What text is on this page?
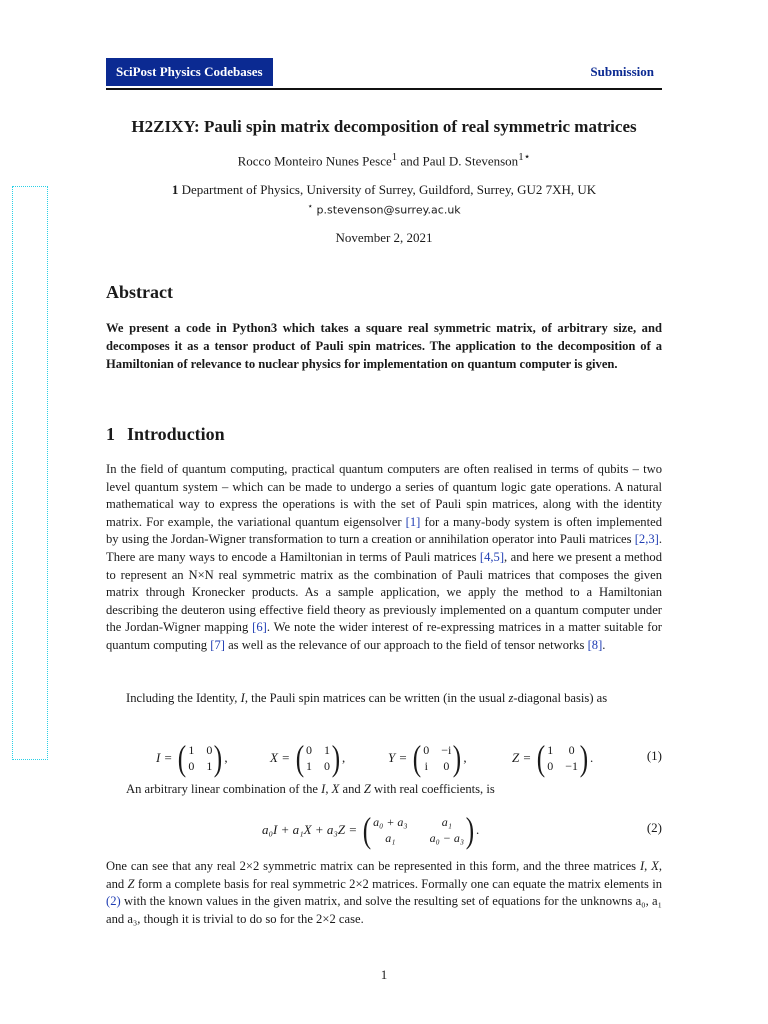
SciPost Physics Codebases	Submission
H2ZIXY: Pauli spin matrix decomposition of real symmetric matrices
Rocco Monteiro Nunes Pesce$^1$ and Paul D. Stevenson$^{1⋆}$
1 Department of Physics, University of Surrey, Guildford, Surrey, GU2 7XH, UK
⋆ p.stevenson@surrey.ac.uk
November 2, 2021
Abstract
We present a code in Python3 which takes a square real symmetric matrix, of arbitrary size, and decomposes it as a tensor product of Pauli spin matrices. The application to the decomposition of a Hamiltonian of relevance to nuclear physics for implementation on quantum computer is given.
1 Introduction
In the field of quantum computing, practical quantum computers are often realised in terms of qubits – two level quantum system – which can be made to undergo a series of quantum logic gate operations. A natural mathematical way to express the operations is with the set of Pauli spin matrices, along with the identity matrix. For example, the variational quantum eigensolver [1] for a many-body system is often implemented by using the Jordan-Wigner transformation to turn a creation or annihilation operator into Pauli matrices [2,3]. There are many ways to encode a Hamiltonian in terms of Pauli matrices [4,5], and here we present a method to represent an N×N real symmetric matrix as the combination of Pauli matrices that composes the given matrix through Kronecker products. As a sample application, we apply the method to a Hamiltonian describing the deuteron using effective field theory as previously implemented on a quantum computer under the Jordan-Wigner mapping [6]. We note the wider interest of re-expressing matrices in a matter suitable for quantum computing [7] as well as the relevance of our approach to the field of tensor networks [8].
Including the Identity, I, the Pauli spin matrices can be written (in the usual z-diagonal basis) as
I = ( 1 0
0 1 ) ,	X = ( 0 1
1 0 ) ,	Y = ( 0 −i
i 0 ) ,	Z = ( 1 0
0 −1 ) .	(1)
An arbitrary linear combination of the I, X and Z with real coefficients, is
a₀I + a₁X + a₃Z = ( a₀ + a₃	a₁
a₁	a₀ − a₃ ) .	(2)
One can see that any real 2×2 symmetric matrix can be represented in this form, and the three matrices I, X, and Z form a complete basis for real symmetric 2×2 matrices. Formally one can equate the matrix elements in (2) with the known values in the given matrix, and solve the resulting set of equations for the unknowns a₀, a₁ and a₃, though it is trivial to do so for the 2×2 case.
1
